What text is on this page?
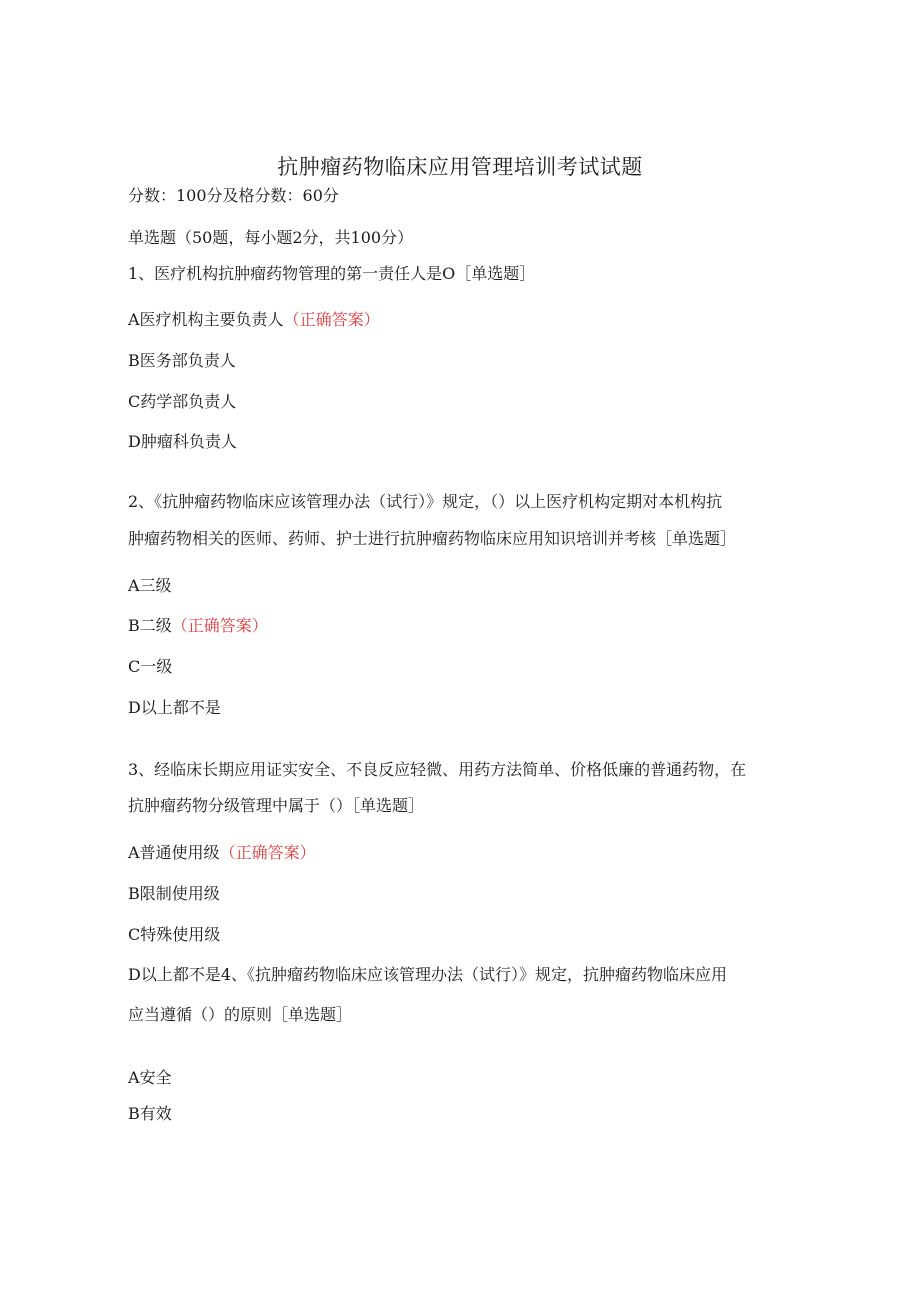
抗肿瘤药物临床应用管理培训考试试题
分数：100分及格分数：60分
单选题（50题，每小题2分，共100分）
1、医疗机构抗肿瘤药物管理的第一责任人是O［单选题］
A医疗机构主要负责人（正确答案）
B医务部负责人
C药学部负责人
D肿瘤科负责人
2、《抗肿瘤药物临床应该管理办法（试行）》规定，（）以上医疗机构定期对本机构抗
肿瘤药物相关的医师、药师、护士进行抗肿瘤药物临床应用知识培训并考核［单选题］
A三级
B二级（正确答案）
C一级
D以上都不是
3、经临床长期应用证实安全、不良反应轻微、用药方法简单、价格低廉的普通药物，在
抗肿瘤药物分级管理中属于（）［单选题］
A普通使用级（正确答案）
B限制使用级
C特殊使用级
D以上都不是4、《抗肿瘤药物临床应该管理办法（试行）》规定，抗肿瘤药物临床应用
应当遵循（）的原则［单选题］
A安全
B有效
